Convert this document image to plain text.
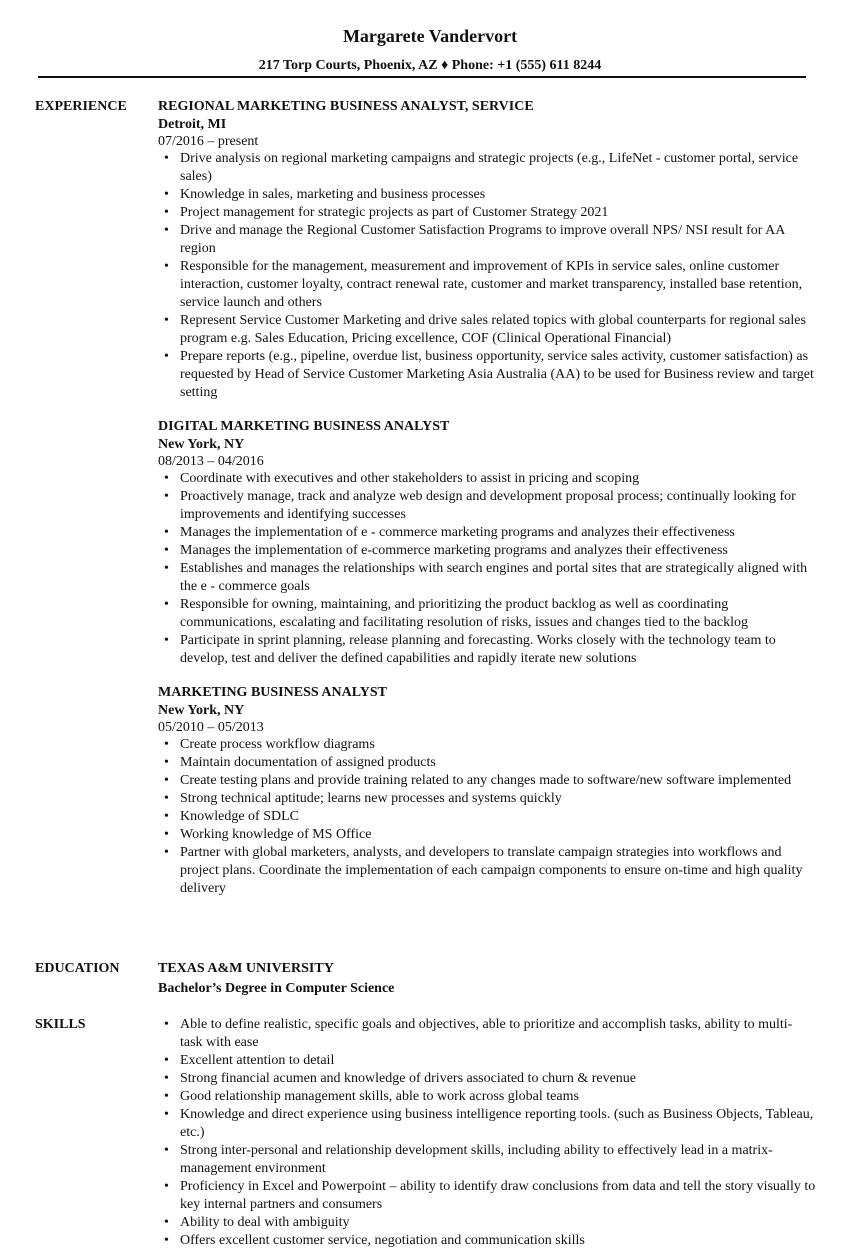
Margarete Vandervort
217 Torp Courts, Phoenix, AZ ♦ Phone: +1 (555) 611 8244
EXPERIENCE REGIONAL MARKETING BUSINESS ANALYST, SERVICE
Detroit, MI
07/2016 – present
• Drive analysis on regional marketing campaigns and strategic projects (e.g., LifeNet - customer portal, service sales)
• Knowledge in sales, marketing and business processes
• Project management for strategic projects as part of Customer Strategy 2021
• Drive and manage the Regional Customer Satisfaction Programs to improve overall NPS/ NSI result for AA region
• Responsible for the management, measurement and improvement of KPIs in service sales, online customer interaction, customer loyalty, contract renewal rate, customer and market transparency, installed base retention, service launch and others
• Represent Service Customer Marketing and drive sales related topics with global counterparts for regional sales program e.g. Sales Education, Pricing excellence, COF (Clinical Operational Financial)
• Prepare reports (e.g., pipeline, overdue list, business opportunity, service sales activity, customer satisfaction) as requested by Head of Service Customer Marketing Asia Australia (AA) to be used for Business review and target setting
DIGITAL MARKETING BUSINESS ANALYST
New York, NY
08/2013 – 04/2016
• Coordinate with executives and other stakeholders to assist in pricing and scoping
• Proactively manage, track and analyze web design and development proposal process; continually looking for improvements and identifying successes
• Manages the implementation of e - commerce marketing programs and analyzes their effectiveness
• Manages the implementation of e-commerce marketing programs and analyzes their effectiveness
• Establishes and manages the relationships with search engines and portal sites that are strategically aligned with the e - commerce goals
• Responsible for owning, maintaining, and prioritizing the product backlog as well as coordinating communications, escalating and facilitating resolution of risks, issues and changes tied to the backlog
• Participate in sprint planning, release planning and forecasting. Works closely with the technology team to develop, test and deliver the defined capabilities and rapidly iterate new solutions
MARKETING BUSINESS ANALYST
New York, NY
05/2010 – 05/2013
• Create process workflow diagrams
• Maintain documentation of assigned products
• Create testing plans and provide training related to any changes made to software/new software implemented
• Strong technical aptitude; learns new processes and systems quickly
• Knowledge of SDLC
• Working knowledge of MS Office
• Partner with global marketers, analysts, and developers to translate campaign strategies into workflows and project plans. Coordinate the implementation of each campaign components to ensure on-time and high quality delivery
EDUCATION	TEXAS A&M UNIVERSITY
Bachelor’s Degree in Computer Science
SKILLS	• Able to define realistic, specific goals and objectives, able to prioritize and accomplish tasks, ability to multi- task with ease
• Excellent attention to detail
• Strong financial acumen and knowledge of drivers associated to churn & revenue
• Good relationship management skills, able to work across global teams
• Knowledge and direct experience using business intelligence reporting tools. (such as Business Objects, Tableau, etc.)
• Strong inter-personal and relationship development skills, including ability to effectively lead in a matrix-management environment
• Proficiency in Excel and Powerpoint – ability to identify draw conclusions from data and tell the story visually to key internal partners and consumers
• Ability to deal with ambiguity
• Offers excellent customer service, negotiation and communication skills
